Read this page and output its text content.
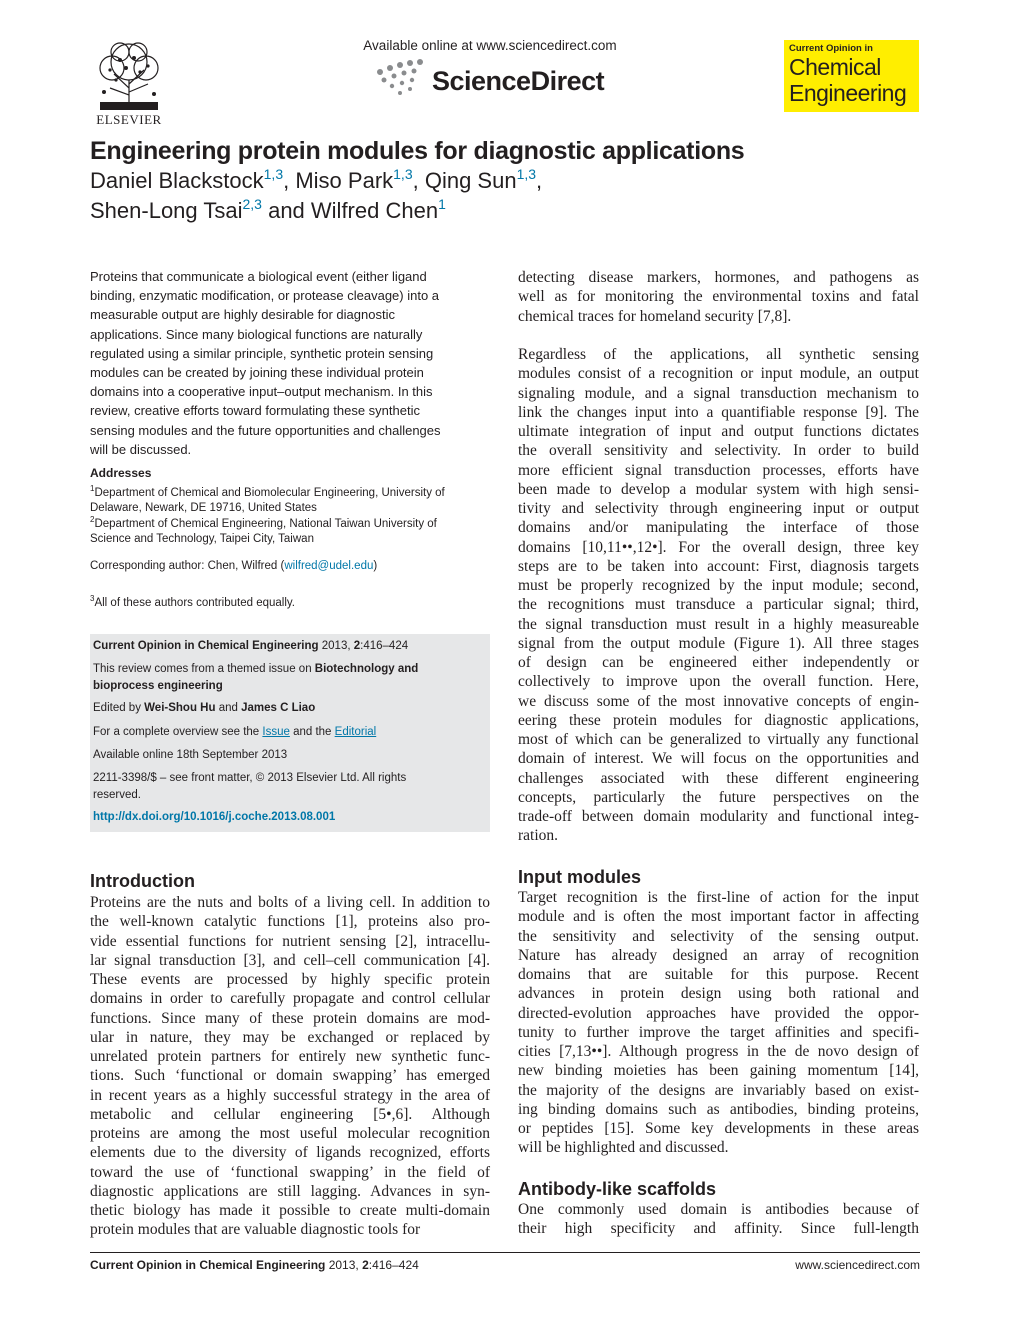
ELSEVIER
Available online at www.sciencedirect.com
ScienceDirect
Current Opinion in
Chemical
Engineering
Engineering protein modules for diagnostic applications
Daniel Blackstock$^{1,3}$, Miso Park$^{1,3}$, Qing Sun$^{1,3}$,
Shen-Long Tsai$^{2,3}$ and Wilfred Chen$^1$
Proteins that communicate a biological event (either ligand
binding, enzymatic modification, or protease cleavage) into a
measurable output are highly desirable for diagnostic
applications. Since many biological functions are naturally
regulated using a similar principle, synthetic protein sensing
modules can be created by joining these individual protein
domains into a cooperative input–output mechanism. In this
review, creative efforts toward formulating these synthetic
sensing modules and the future opportunities and challenges
will be discussed.
Addresses
$^1$Department of Chemical and Biomolecular Engineering, University of
Delaware, Newark, DE 19716, United States
$^2$Department of Chemical Engineering, National Taiwan University of
Science and Technology, Taipei City, Taiwan
Corresponding author: Chen, Wilfred (wilfred@udel.edu)
$^3$All of these authors contributed equally.
Current Opinion in Chemical Engineering 2013, 2:416–424
This review comes from a themed issue on Biotechnology and
bioprocess engineering
Edited by Wei-Shou Hu and James C Liao
For a complete overview see the Issue and the Editorial
Available online 18th September 2013
2211-3398/$ – see front matter, © 2013 Elsevier Ltd. All rights
reserved.
http://dx.doi.org/10.1016/j.coche.2013.08.001
Introduction
Proteins are the nuts and bolts of a living cell. In addition to
the well-known catalytic functions [1], proteins also pro-
vide essential functions for nutrient sensing [2], intracellu-
lar signal transduction [3], and cell–cell communication [4].
These events are processed by highly specific protein
domains in order to carefully propagate and control cellular
functions. Since many of these protein domains are mod-
ular in nature, they may be exchanged or replaced by
unrelated protein partners for entirely new synthetic func-
tions. Such ‘functional or domain swapping’ has emerged
in recent years as a highly successful strategy in the area of
metabolic and cellular engineering [5•,6]. Although
proteins are among the most useful molecular recognition
elements due to the diversity of ligands recognized, efforts
toward the use of ‘functional swapping’ in the field of
diagnostic applications are still lagging. Advances in syn-
thetic biology has made it possible to create multi-domain
protein modules that are valuable diagnostic tools for
detecting disease markers, hormones, and pathogens as
well as for monitoring the environmental toxins and fatal
chemical traces for homeland security [7,8].
Regardless of the applications, all synthetic sensing
modules consist of a recognition or input module, an output
signaling module, and a signal transduction mechanism to
link the changes input into a quantifiable response [9]. The
ultimate integration of input and output functions dictates
the overall sensitivity and selectivity. In order to build
more efficient signal transduction processes, efforts have
been made to develop a modular system with high sensi-
tivity and selectivity through engineering input or output
domains and/or manipulating the interface of those
domains [10,11••,12•]. For the overall design, three key
steps are to be taken into account: First, diagnosis targets
must be properly recognized by the input module; second,
the recognitions must transduce a particular signal; third,
the signal transduction must result in a highly measureable
signal from the output module (Figure 1). All three stages
of design can be engineered either independently or
collectively to improve upon the overall function. Here,
we discuss some of the most innovative concepts of engin-
eering these protein modules for diagnostic applications,
most of which can be generalized to virtually any functional
domain of interest. We will focus on the opportunities and
challenges associated with these different engineering
concepts, particularly the future perspectives on the
trade-off between domain modularity and functional integ-
ration.
Input modules
Target recognition is the first-line of action for the input
module and is often the most important factor in affecting
the sensitivity and selectivity of the sensing output.
Nature has already designed an array of recognition
domains that are suitable for this purpose. Recent
advances in protein design using both rational and
directed-evolution approaches have provided the oppor-
tunity to further improve the target affinities and specifi-
cities [7,13••]. Although progress in the de novo design of
new binding moieties has been gaining momentum [14],
the majority of the designs are invariably based on exist-
ing binding domains such as antibodies, binding proteins,
or peptides [15]. Some key developments in these areas
will be highlighted and discussed.
Antibody-like scaffolds
One commonly used domain is antibodies because of
their high specificity and affinity. Since full-length
Current Opinion in Chemical Engineering 2013, 2:416–424	www.sciencedirect.com
